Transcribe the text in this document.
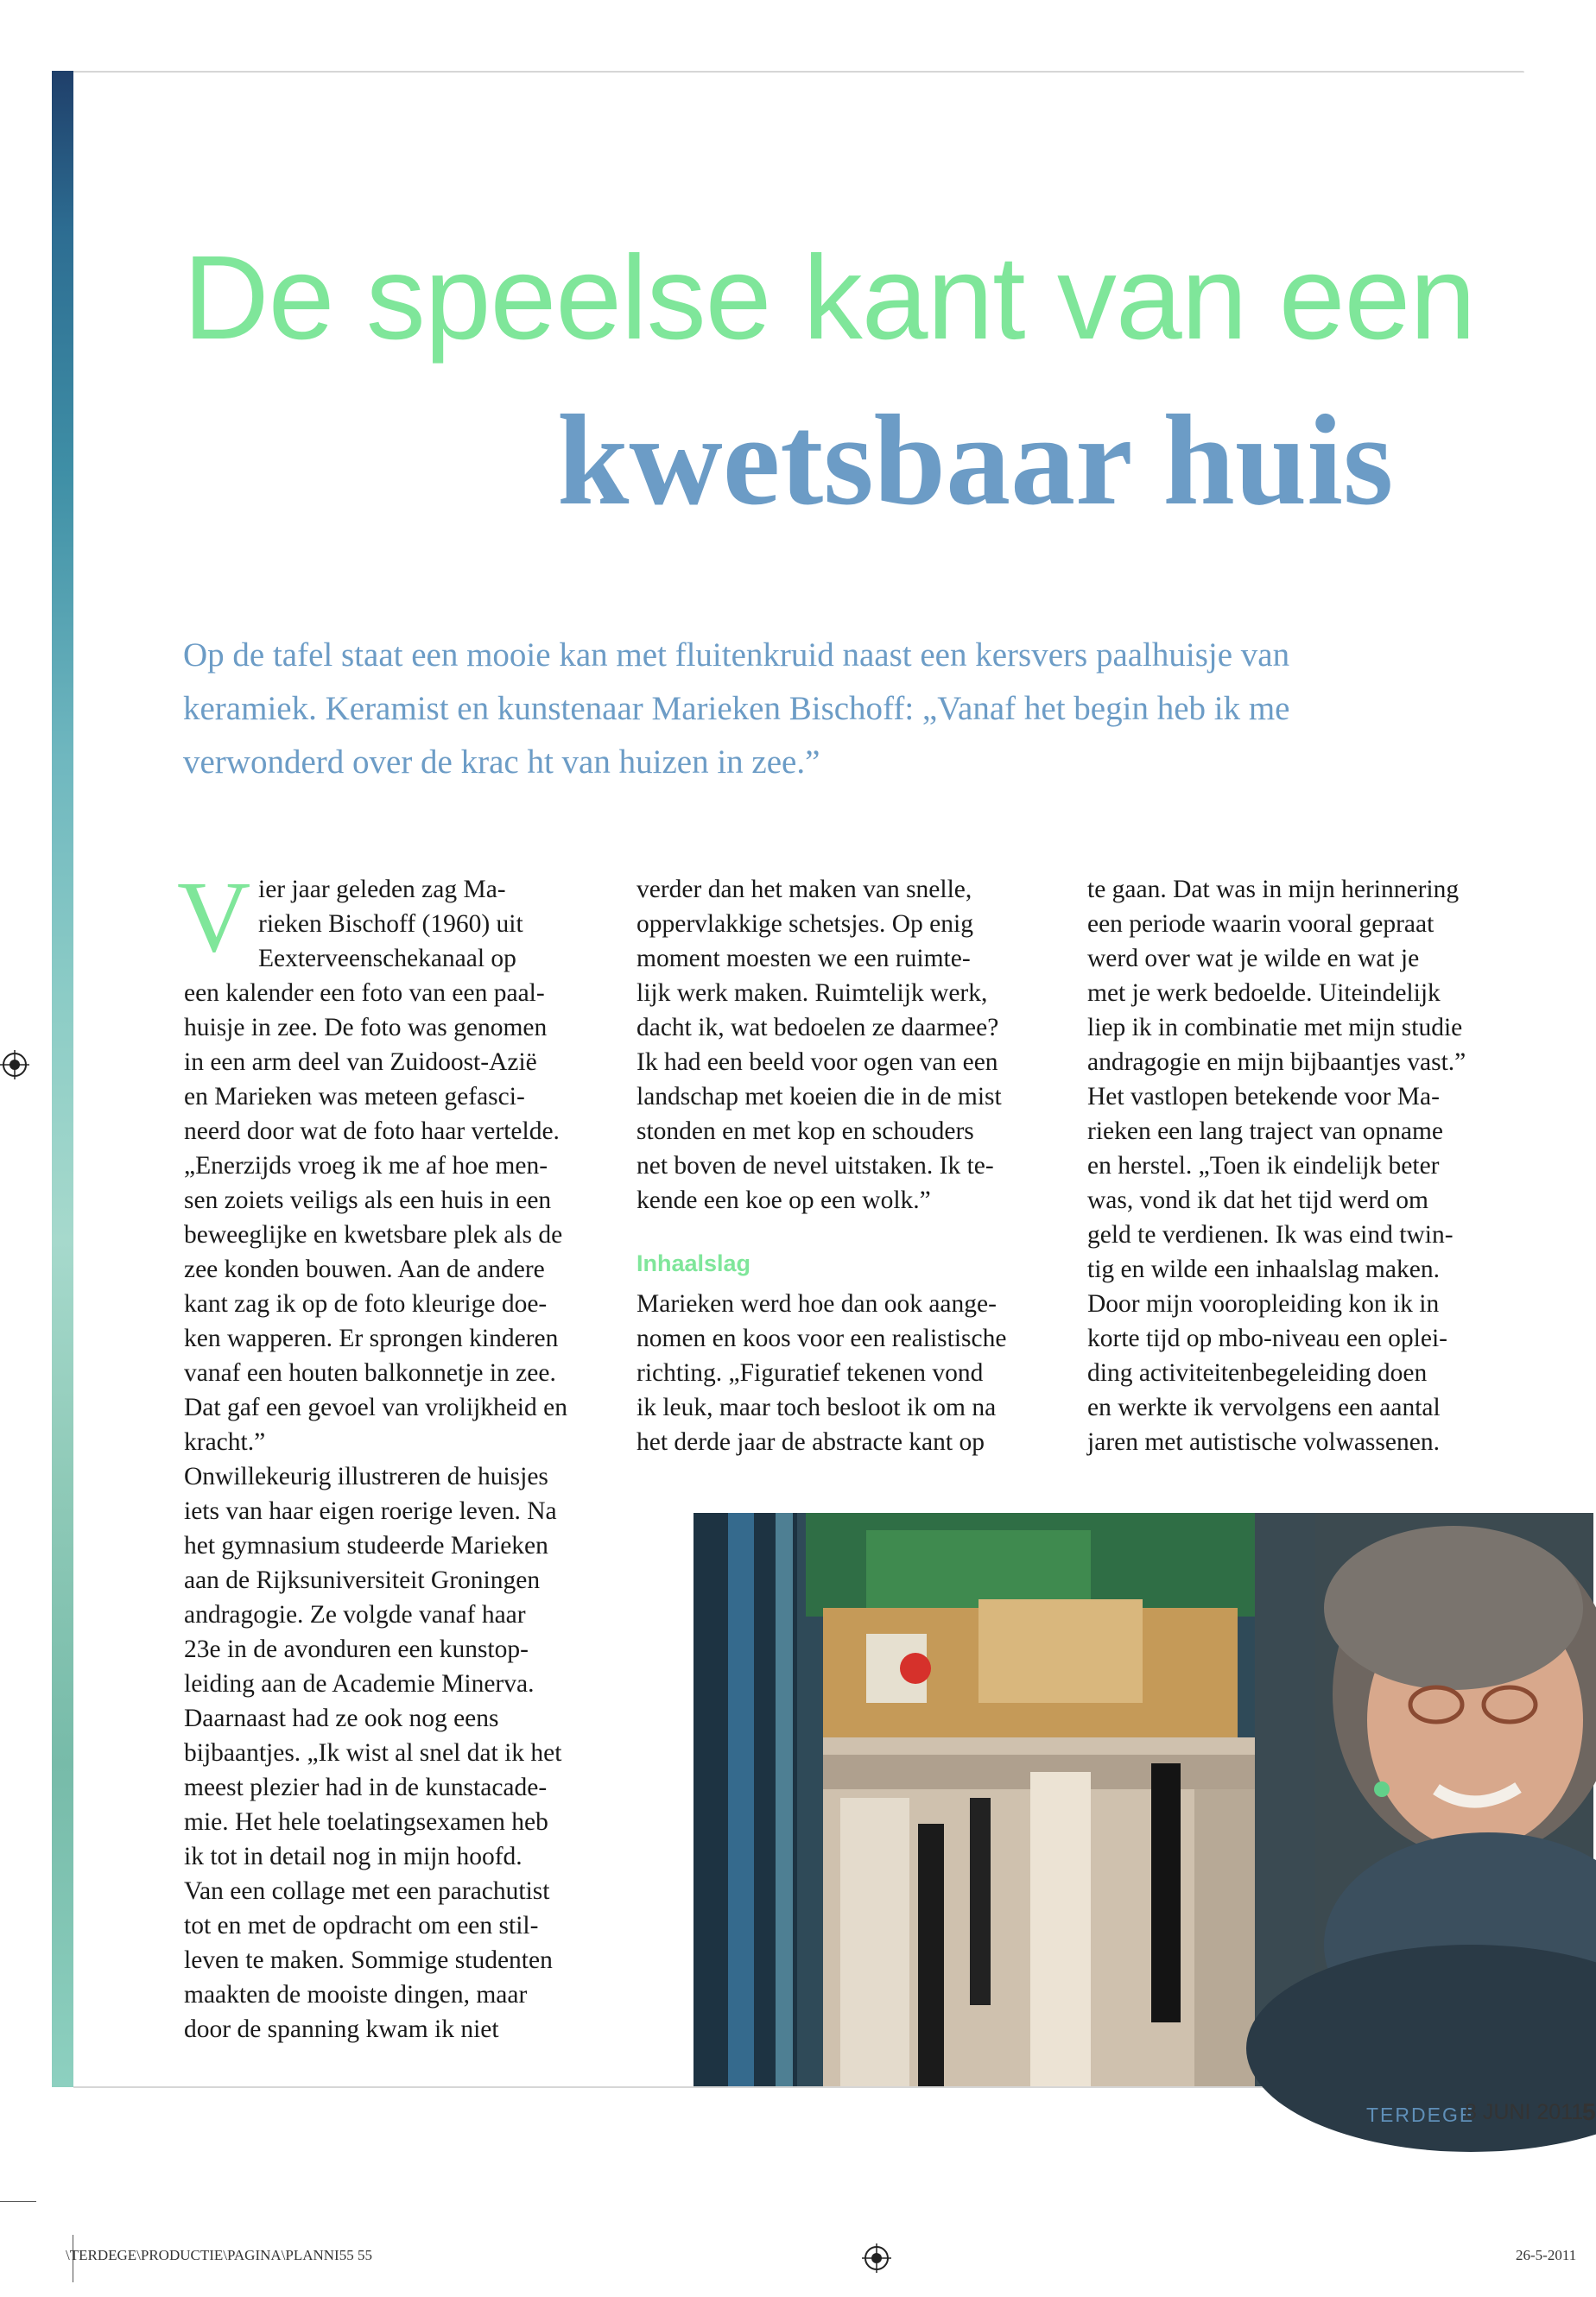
De speelse kant van een
kwetsbaar huis

Op de tafel staat een mooie kan met fluitenkruid naast een kersvers paalhuisje van

keramiek. Keramist en kunstenaar Marieken Bischoff: „Vanaf het begin heb ik me

verwonderd over de krac ht van huizen in zee.”

V ier jaar geleden zag Ma-

rieken Bischoff (1960) uit

Eexterveenschekanaal op

een kalender een foto van een paal-

huisje in zee. De foto was genomen

in een arm deel van Zuidoost-Azië

en Marieken was meteen gefasci-

neerd door wat de foto haar vertelde.

„Enerzijds vroeg ik me af hoe men-

sen zoiets veiligs als een huis in een

beweeglijke en kwetsbare plek als de

zee konden bouwen. Aan de andere

kant zag ik op de foto kleurige doe-

ken wapperen. Er sprongen kinderen

vanaf een houten balkonnetje in zee.

Dat gaf een gevoel van vrolijkheid en

kracht.”

Onwillekeurig illustreren de huisjes

iets van haar eigen roerige leven. Na

het gymnasium studeerde Marieken

aan de Rijksuniversiteit Groningen

andragogie. Ze volgde vanaf haar

23e in de avonduren een kunstop-

leiding aan de Academie Minerva.

Daarnaast had ze ook nog eens

bijbaantjes. „Ik wist al snel dat ik het

meest plezier had in de kunstacade-

mie. Het hele toelatingsexamen heb

ik tot in detail nog in mijn hoofd.

Van een collage met een parachutist

tot en met de opdracht om een stil-

leven te maken. Sommige studenten

maakten de mooiste dingen, maar

door de spanning kwam ik niet

verder dan het maken van snelle,

oppervlakkige schetsjes. Op enig

moment moesten we een ruimte-

lijk werk maken. Ruimtelijk werk,

dacht ik, wat bedoelen ze daarmee?

Ik had een beeld voor ogen van een

landschap met koeien die in de mist

stonden en met kop en schouders

net boven de nevel uitstaken. Ik te-

kende een koe op een wolk.”

Inhaalslag

Marieken werd hoe dan ook aange-

nomen en koos voor een realistische

richting. „Figuratief tekenen vond

ik leuk, maar toch besloot ik om na

het derde jaar de abstracte kant op

te gaan. Dat was in mijn herinnering

een periode waarin vooral gepraat

werd over wat je wilde en wat je

met je werk bedoelde. Uiteindelijk

liep ik in combinatie met mijn studie

andragogie en mijn bijbaantjes vast.”

Het vastlopen betekende voor Ma-

rieken een lang traject van opname

en herstel. „Toen ik eindelijk beter

was, vond ik dat het tijd werd om

geld te verdienen. Ik was eind twin-

tig en wilde een inhaalslag maken.

Door mijn vooropleiding kon ik in

korte tijd op mbo-niveau een oplei-

ding activiteitenbegeleiding doen

en werkte ik vervolgens een aantal

jaren met autistische volwassenen.

TERDEGE
8 JUNI 2011
5
\TERDEGE\PRODUCTIE\PAGINA\PLANNI55 55	26-5-2011
